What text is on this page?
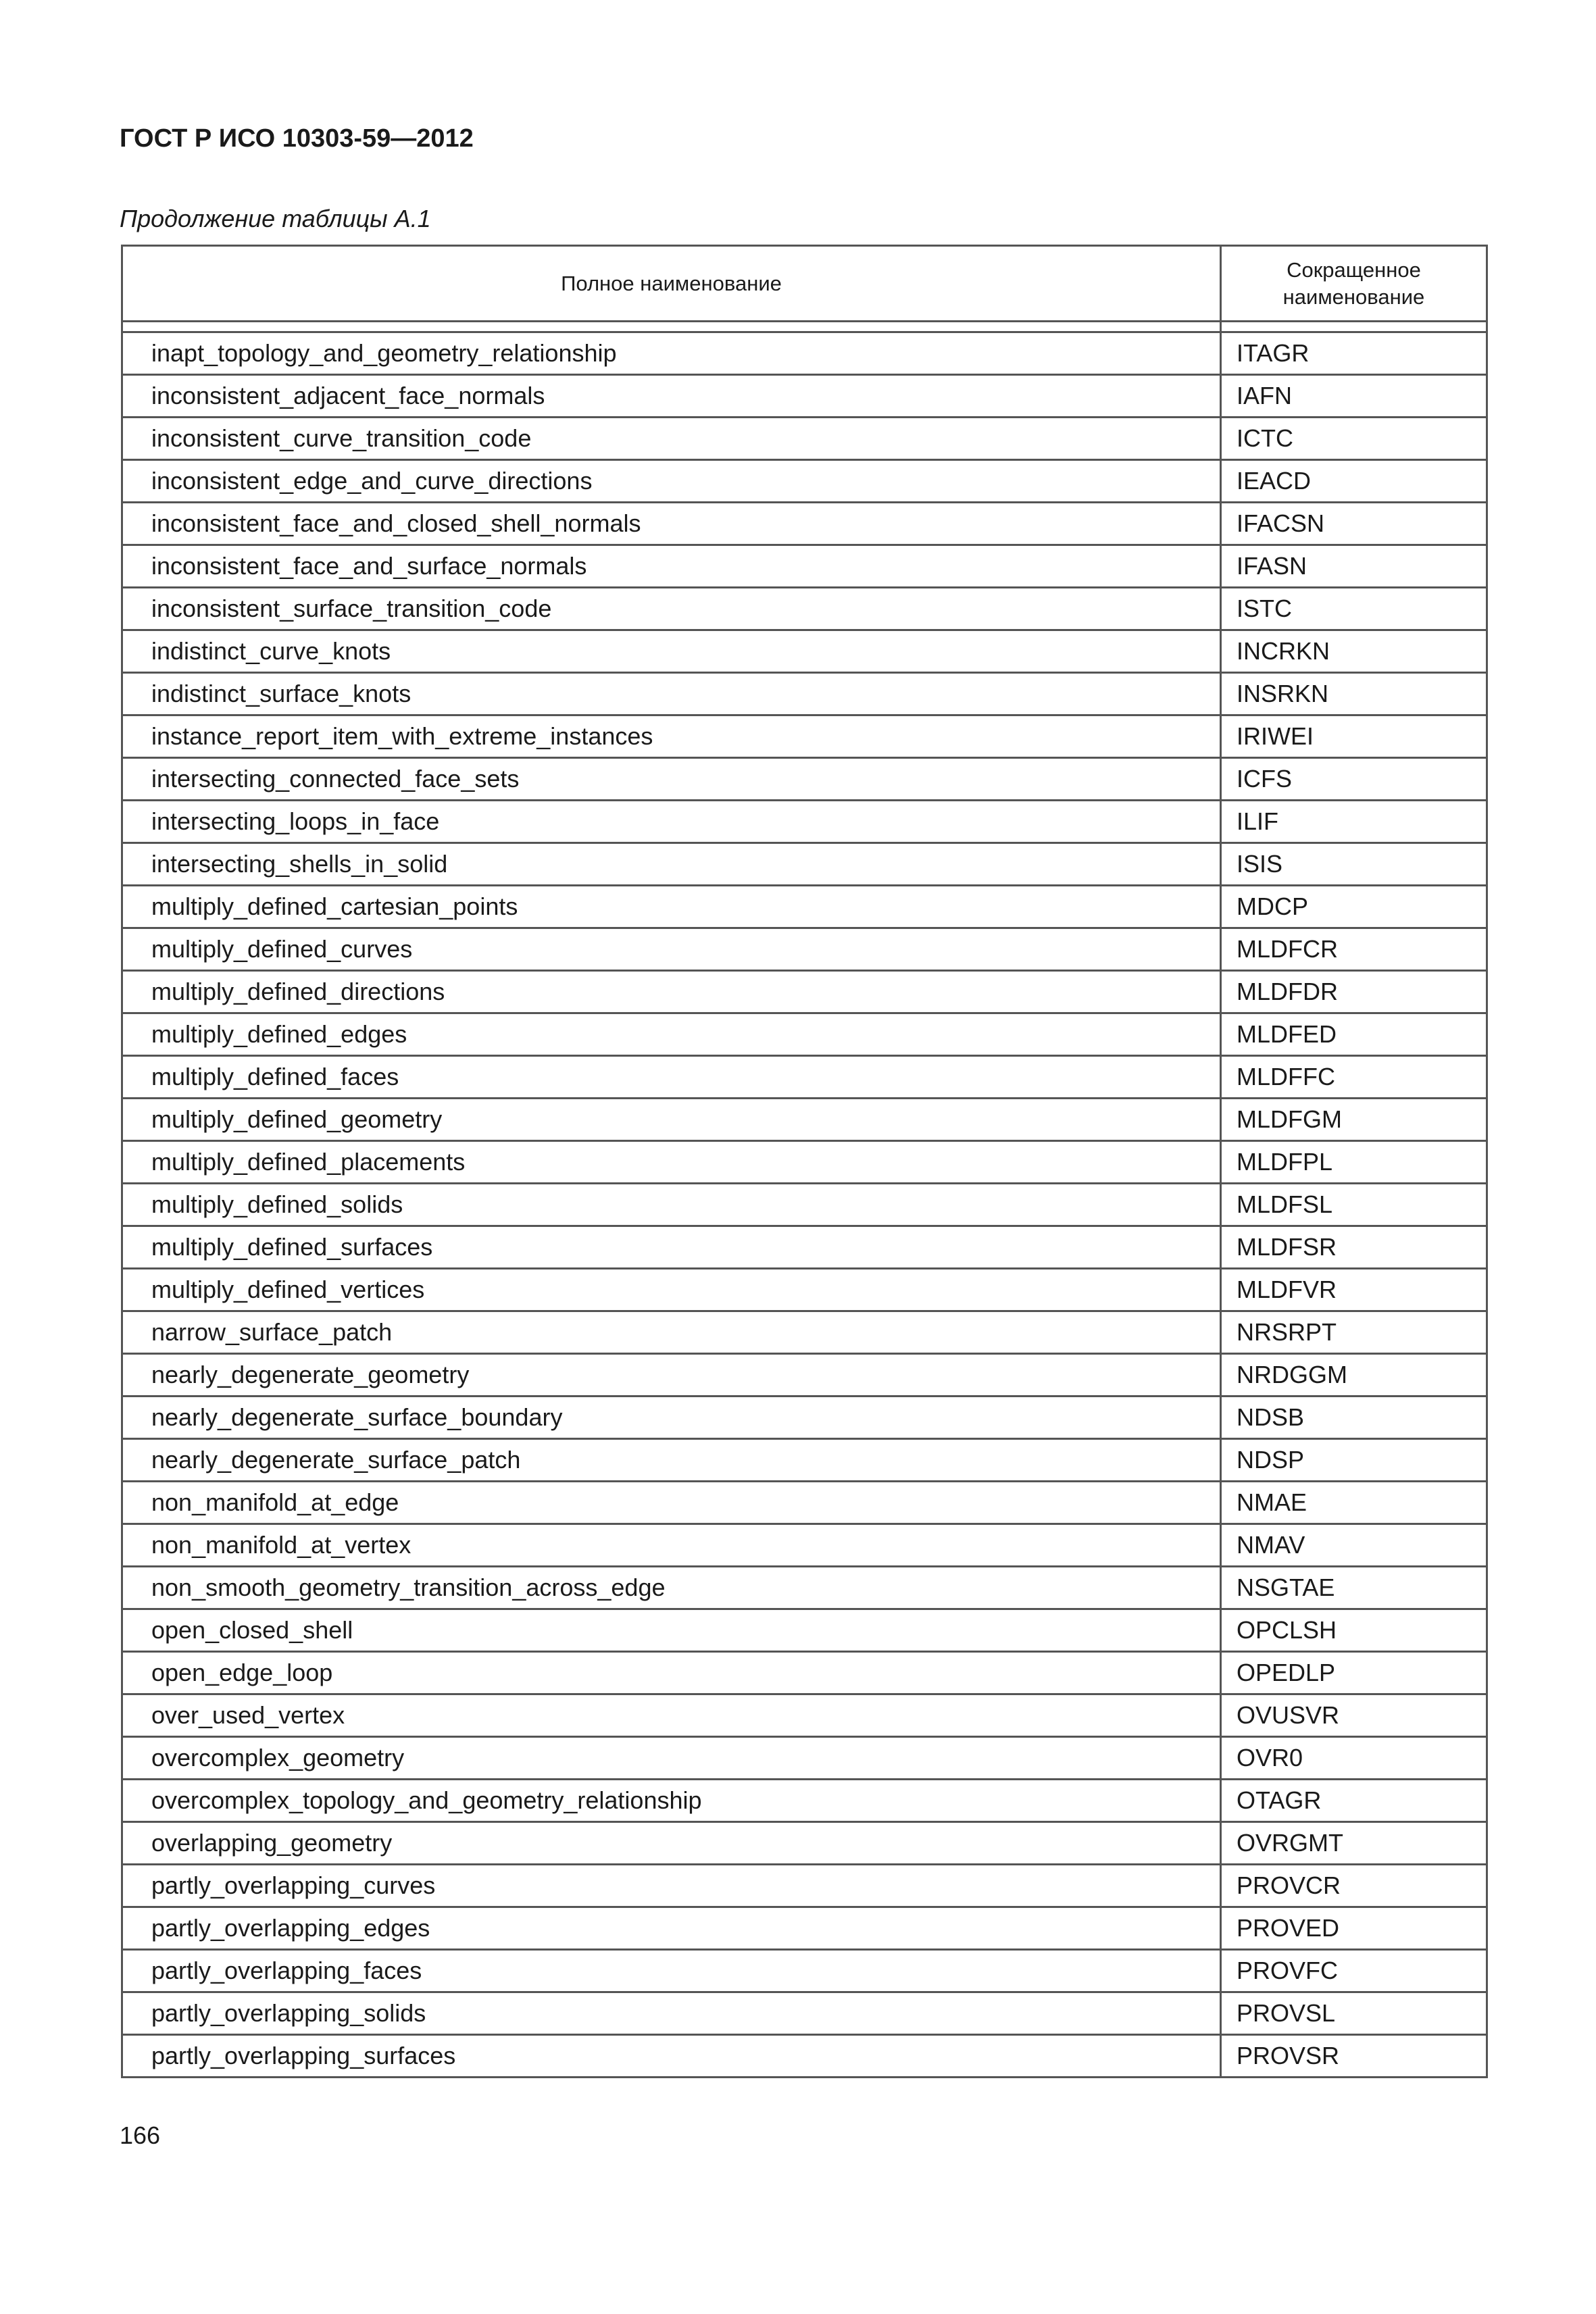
ГОСТ Р ИСО 10303-59—2012
Продолжение таблицы А.1
Полное наименование	Сокращенное
наименование

inapt_topology_and_geometry_relationship	ITAGR
inconsistent_adjacent_face_normals	IAFN
inconsistent_curve_transition_code	ICTC
inconsistent_edge_and_curve_directions	IEACD
inconsistent_face_and_closed_shell_normals	IFACSN
inconsistent_face_and_surface_normals	IFASN
inconsistent_surface_transition_code	ISTC
indistinct_curve_knots	INCRKN
indistinct_surface_knots	INSRKN
instance_report_item_with_extreme_instances	IRIWEI
intersecting_connected_face_sets	ICFS
intersecting_loops_in_face	ILIF
intersecting_shells_in_solid	ISIS
multiply_defined_cartesian_points	MDCP
multiply_defined_curves	MLDFCR
multiply_defined_directions	MLDFDR
multiply_defined_edges	MLDFED
multiply_defined_faces	MLDFFC
multiply_defined_geometry	MLDFGM
multiply_defined_placements	MLDFPL
multiply_defined_solids	MLDFSL
multiply_defined_surfaces	MLDFSR
multiply_defined_vertices	MLDFVR
narrow_surface_patch	NRSRPT
nearly_degenerate_geometry	NRDGGM
nearly_degenerate_surface_boundary	NDSB
nearly_degenerate_surface_patch	NDSP
non_manifold_at_edge	NMAE
non_manifold_at_vertex	NMAV
non_smooth_geometry_transition_across_edge	NSGTAE
open_closed_shell	OPCLSH
open_edge_loop	OPEDLP
over_used_vertex	OVUSVR
overcomplex_geometry	OVR0
overcomplex_topology_and_geometry_relationship	OTAGR
overlapping_geometry	OVRGMT
partly_overlapping_curves	PROVCR
partly_overlapping_edges	PROVED
partly_overlapping_faces	PROVFC
partly_overlapping_solids	PROVSL
partly_overlapping_surfaces	PROVSR
166
